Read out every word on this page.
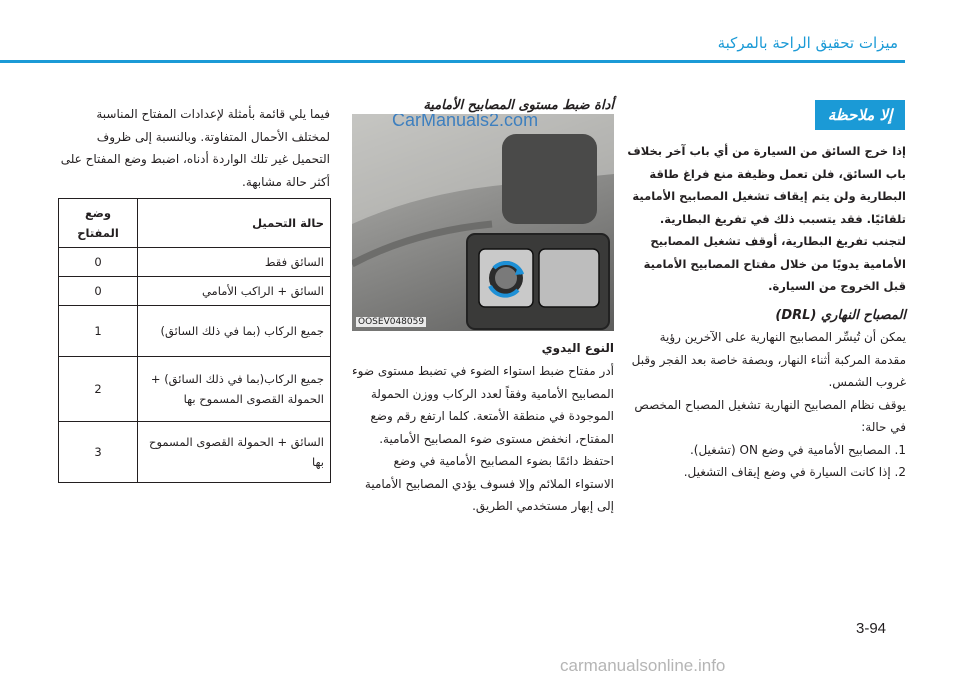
ميزات تحقيق الراحة بالمركبة
إلا ملاحظة
إذا خرج السائق من السيارة من أي باب آخر بخلاف باب السائق، فلن تعمل وظيفة منع فراغ طاقة البطارية ولن يتم إيقاف تشغيل المصابيح الأمامية تلقائيًا. فقد يتسبب ذلك في تفريغ البطارية. لتجنب تفريغ البطارية، أوقف تشغيل المصابيح الأمامية يدويًا من خلال مفتاح المصابيح الأمامية قبل الخروج من السيارة.
المصباح النهاري (DRL)
يمكن أن تُيسِّر المصابيح النهارية على الآخرين رؤية مقدمة المركبة أثناء النهار، وبصفة خاصة بعد الفجر وقبل غروب الشمس.
يوقف نظام المصابيح النهارية تشغيل المصباح المخصص في حالة:
1. المصابيح الأمامية في وضع ON (تشغيل).
2. إذا كانت السيارة في وضع إيقاف التشغيل.
أداة ضبط مستوى المصابيح الأمامية
CarManuals2.com
OOSEV048059
النوع اليدوي
أدر مفتاح ضبط استواء الضوء في تضبط مستوى ضوء المصابيح الأمامية وفقاً لعدد الركاب ووزن الحمولة الموجودة في منطقة الأمتعة. كلما ارتفع رقم وضع المفتاح، انخفض مستوى ضوء المصابيح الأمامية. احتفظ دائمًا بضوء المصابيح الأمامية في وضع الاستواء الملائم وإلا فسوف يؤدي المصابيح الأمامية إلى إبهار مستخدمي الطريق.
فيما يلي قائمة بأمثلة لإعدادات المفتاح المناسبة لمختلف الأحمال المتفاوتة. وبالنسبة إلى ظروف التحميل غير تلك الواردة أدناه، اضبط وضع المفتاح على أكثر حالة مشابهة.
حالة التحميل	وضع المفتاح
السائق فقط	0
السائق + الراكب الأمامي	0
جميع الركاب (بما في ذلك السائق)	1
جميع الركاب(بما في ذلك السائق) + الحمولة القصوى المسموح بها	2
السائق + الحمولة القصوى المسموح بها	3
3-94
carmanualsonline.info
